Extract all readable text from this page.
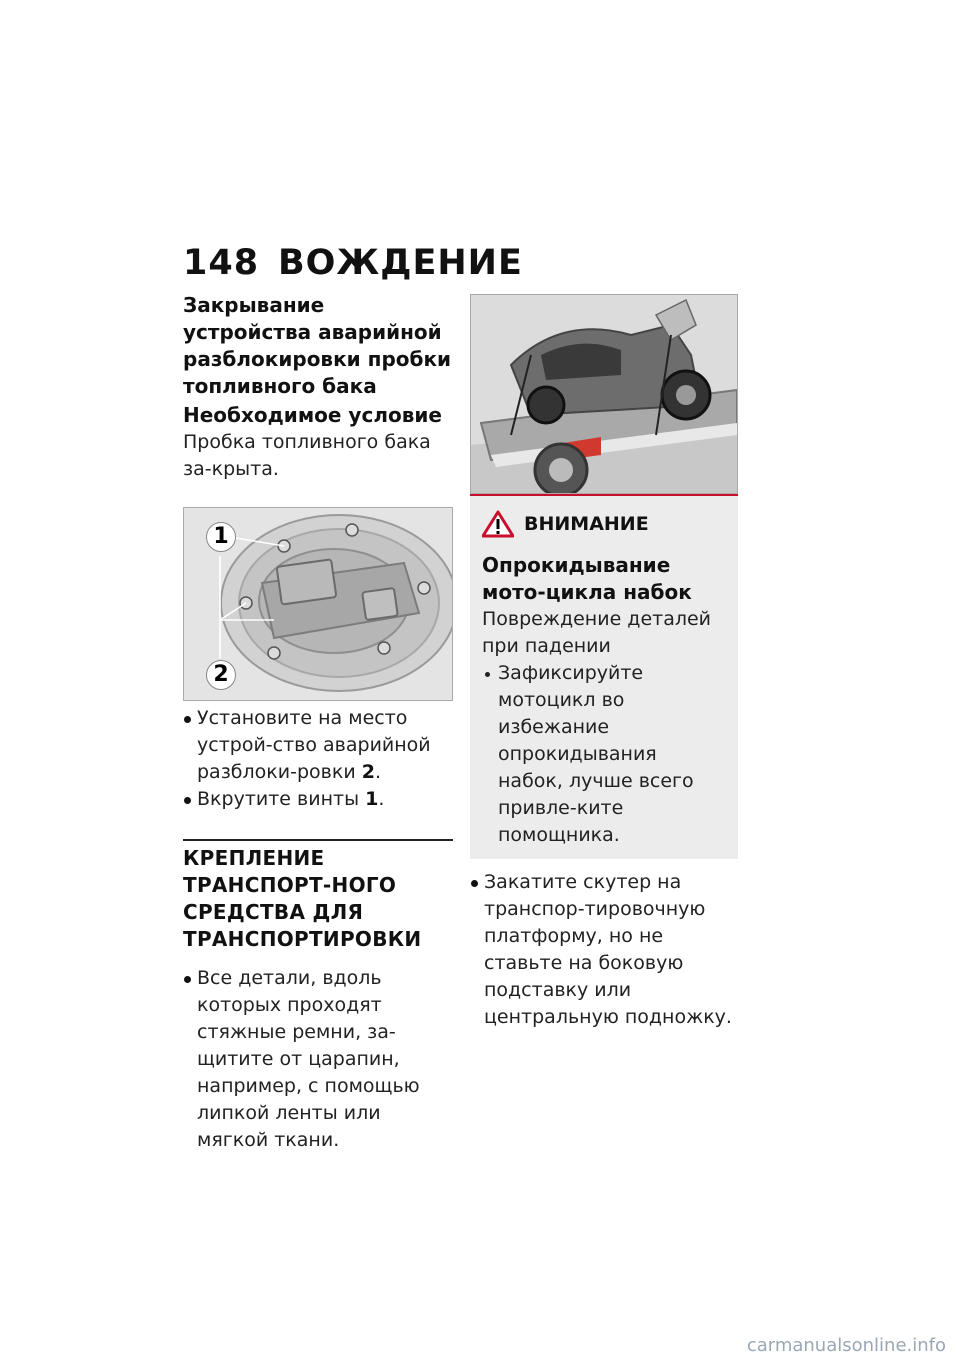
148 ВОЖДЕНИЕ
Закрывание устройства аварийной разблокировки пробки топливного бака
Необходимое условие

Пробка топливного бака за-крыта.

1
2
Установите на место устрой-ство аварийной разблоки-ровки 2.
Вкрутите винты 1.
КРЕПЛЕНИЕ ТРАНСПОРТ-НОГО СРЕДСТВА ДЛЯ ТРАНСПОРТИРОВКИ
Все детали, вдоль которых проходят стяжные ремни, за-щитите от царапин, например, с помощью липкой ленты или мягкой ткани.
ВНИМАНИЕ
Опрокидывание мото-цикла набок

Повреждение деталей при падении

Зафиксируйте мотоцикл во избежание опрокидывания набок, лучше всего привле-ките помощника.
Закатите скутер на транспор-тировочную платформу, но не ставьте на боковую подставку или центральную подножку.
carmanualsonline.info
